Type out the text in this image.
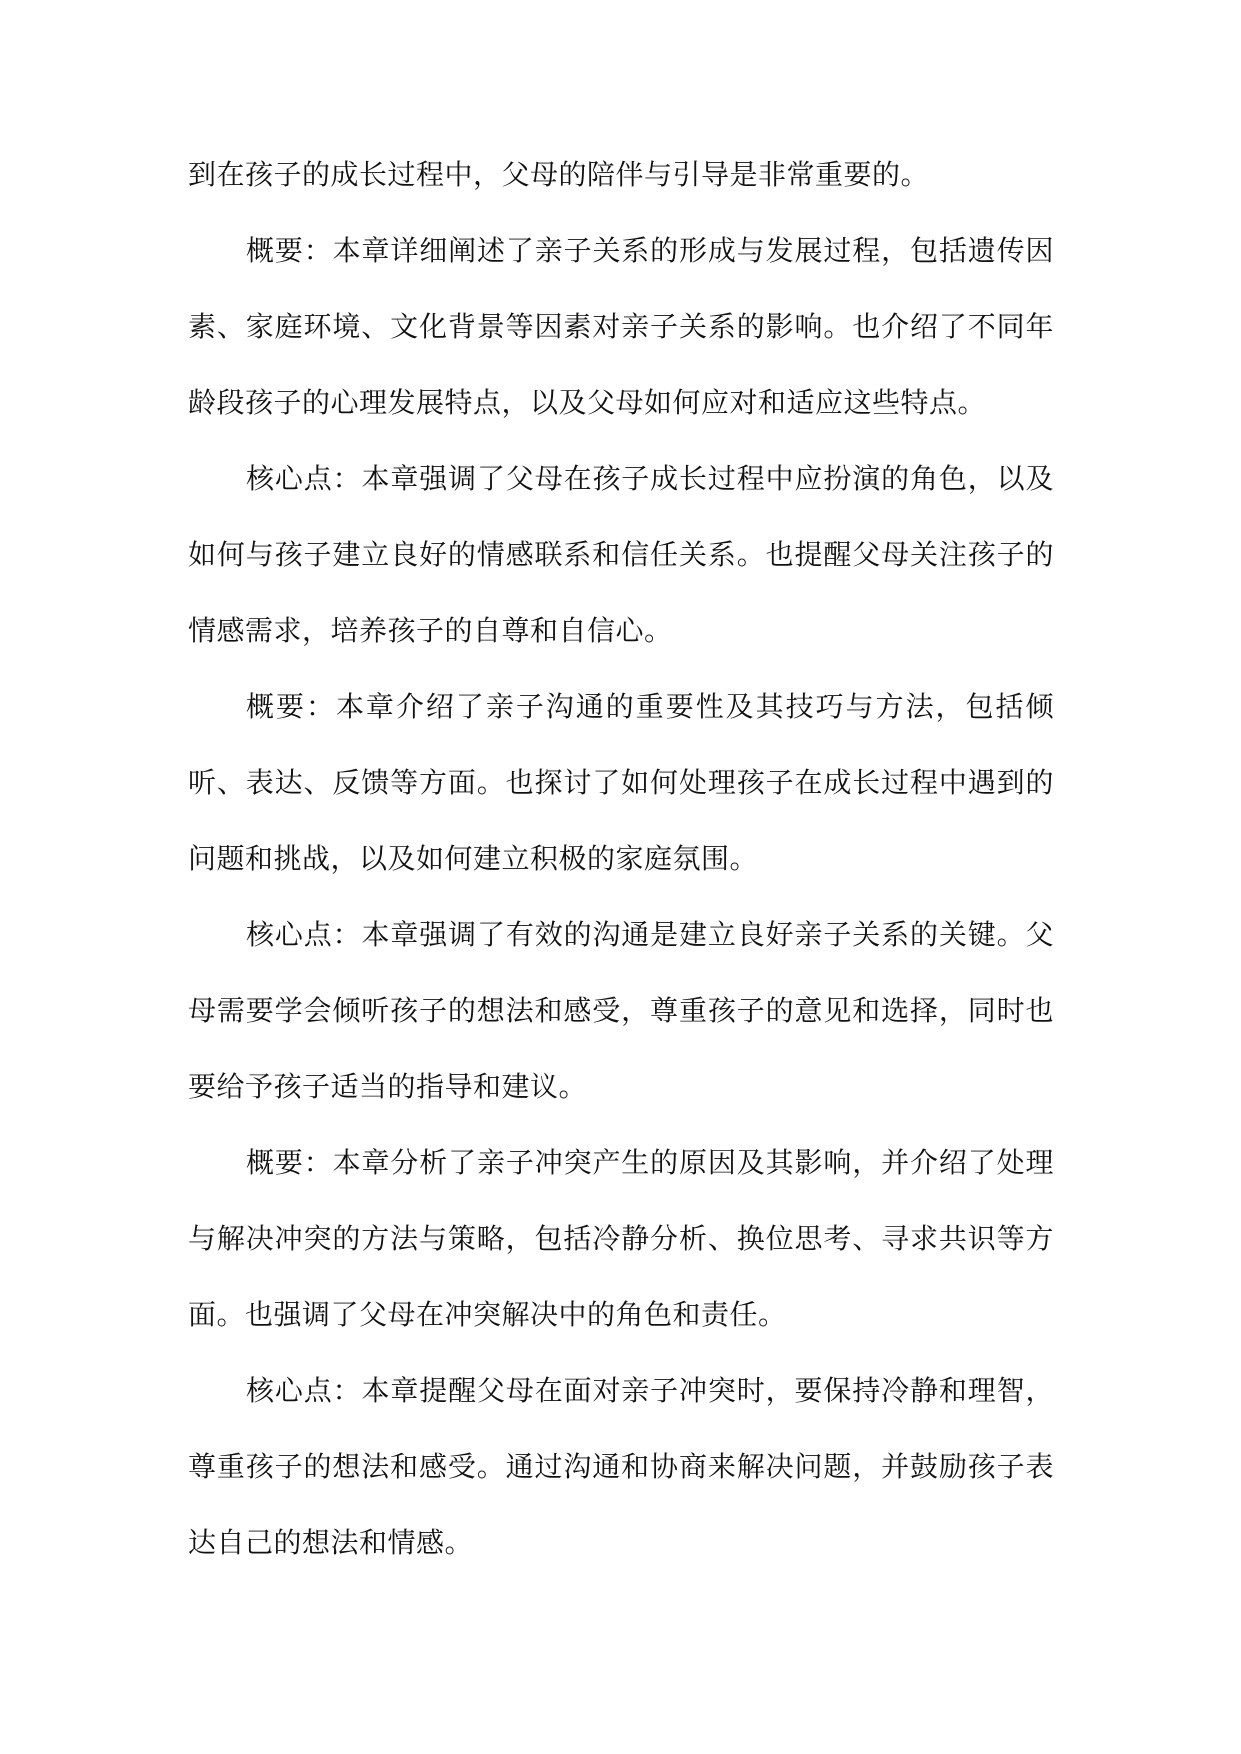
到在孩子的成长过程中，父母的陪伴与引导是非常重要的。

概要：本章详细阐述了亲子关系的形成与发展过程，包括遗传因素、家庭环境、文化背景等因素对亲子关系的影响。也介绍了不同年龄段孩子的心理发展特点，以及父母如何应对和适应这些特点。

核心点：本章强调了父母在孩子成长过程中应扮演的角色，以及如何与孩子建立良好的情感联系和信任关系。也提醒父母关注孩子的情感需求，培养孩子的自尊和自信心。

概要：本章介绍了亲子沟通的重要性及其技巧与方法，包括倾听、表达、反馈等方面。也探讨了如何处理孩子在成长过程中遇到的问题和挑战，以及如何建立积极的家庭氛围。

核心点：本章强调了有效的沟通是建立良好亲子关系的关键。父母需要学会倾听孩子的想法和感受，尊重孩子的意见和选择，同时也要给予孩子适当的指导和建议。

概要：本章分析了亲子冲突产生的原因及其影响，并介绍了处理与解决冲突的方法与策略，包括冷静分析、换位思考、寻求共识等方面。也强调了父母在冲突解决中的角色和责任。

核心点：本章提醒父母在面对亲子冲突时，要保持冷静和理智，尊重孩子的想法和感受。通过沟通和协商来解决问题，并鼓励孩子表达自己的想法和情感。
